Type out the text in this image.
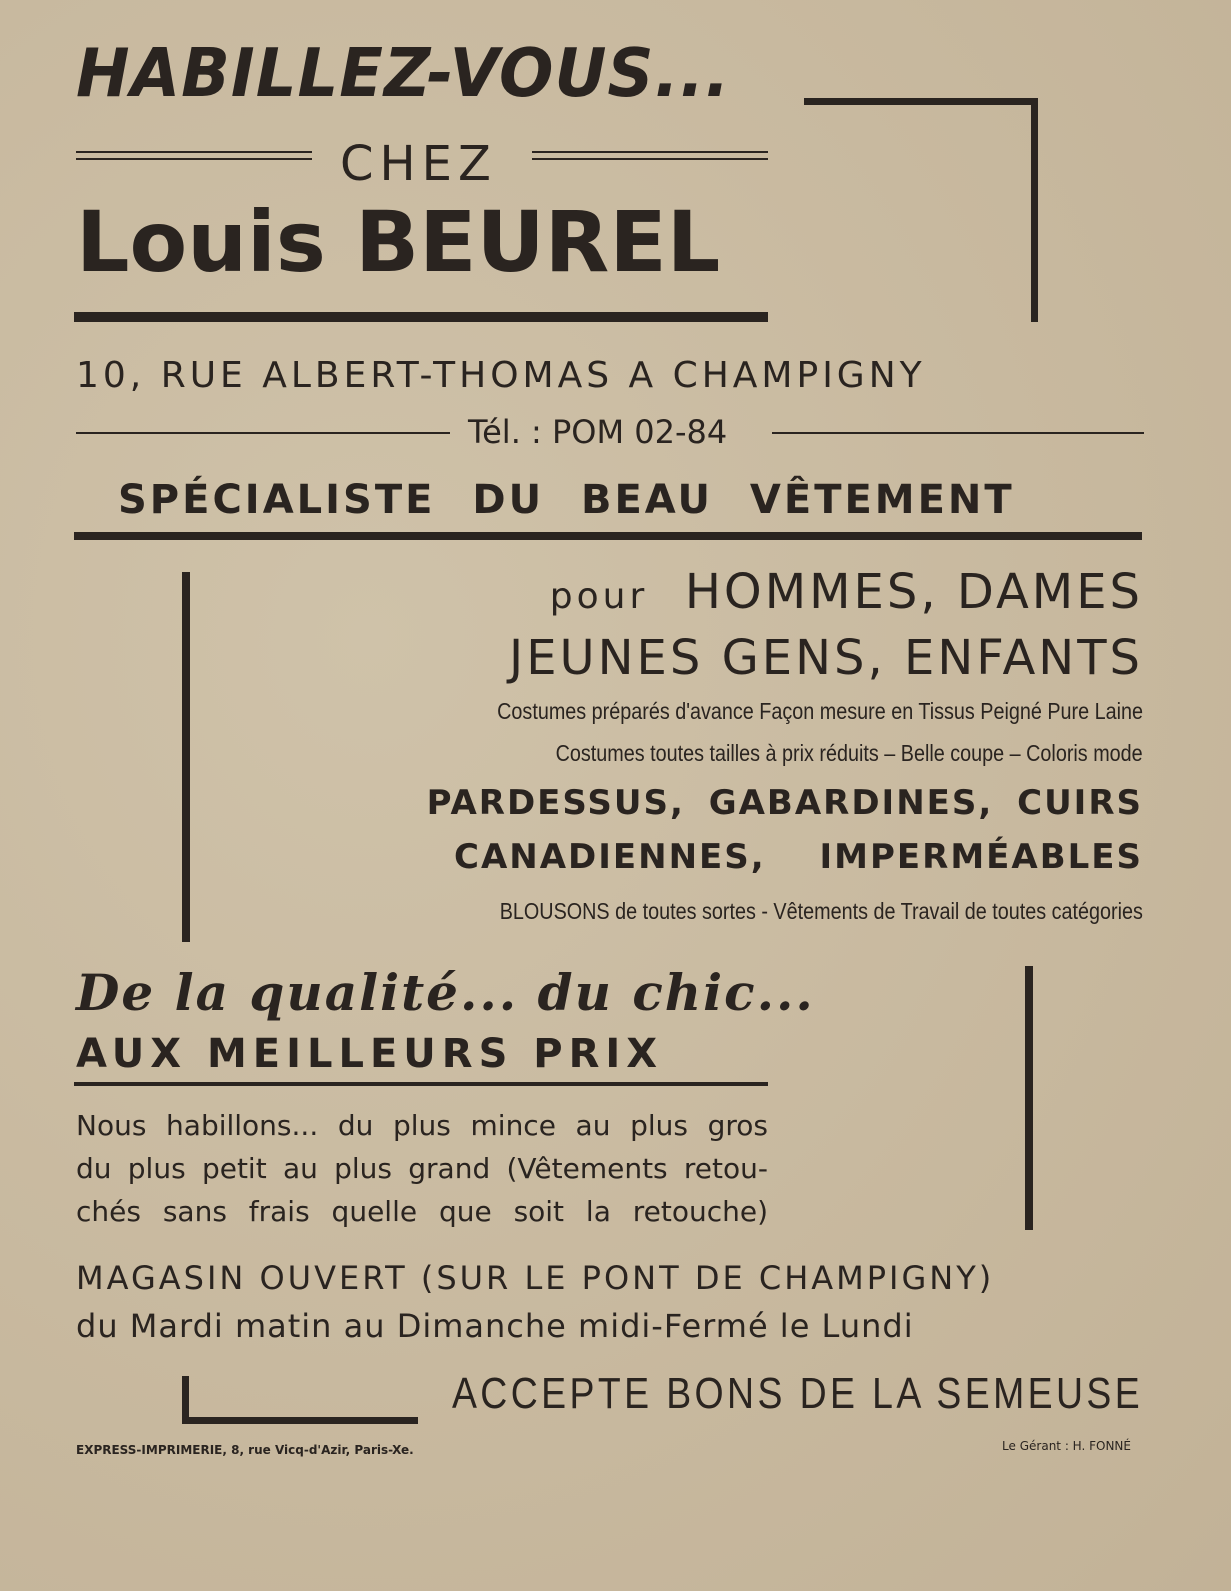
HABILLEZ-VOUS...
CHEZ
Louis BEUREL
10, RUE ALBERT-THOMAS A CHAMPIGNY
Tél. : POM 02-84
SPÉCIALISTE DU BEAU VÊTEMENT
pour HOMMES, DAMES
JEUNES GENS, ENFANTS
Costumes préparés d'avance Façon mesure en Tissus Peigné Pure Laine
Costumes toutes tailles à prix réduits – Belle coupe – Coloris mode
PARDESSUS, GABARDINES, CUIRS
CANADIENNES, IMPERMÉABLES
BLOUSONS de toutes sortes - Vêtements de Travail de toutes catégories
De la qualité... du chic...
AUX MEILLEURS PRIX
Nous habillons... du plus mince au plus gros
du plus petit au plus grand (Vêtements retou-
chés sans frais quelle que soit la retouche)
MAGASIN OUVERT (SUR LE PONT DE CHAMPIGNY)
du Mardi matin au Dimanche midi-Fermé le Lundi
ACCEPTE BONS DE LA SEMEUSE
EXPRESS-IMPRIMERIE, 8, rue Vicq-d'Azir, Paris-Xe.	Le Gérant : H. FONNÉ
